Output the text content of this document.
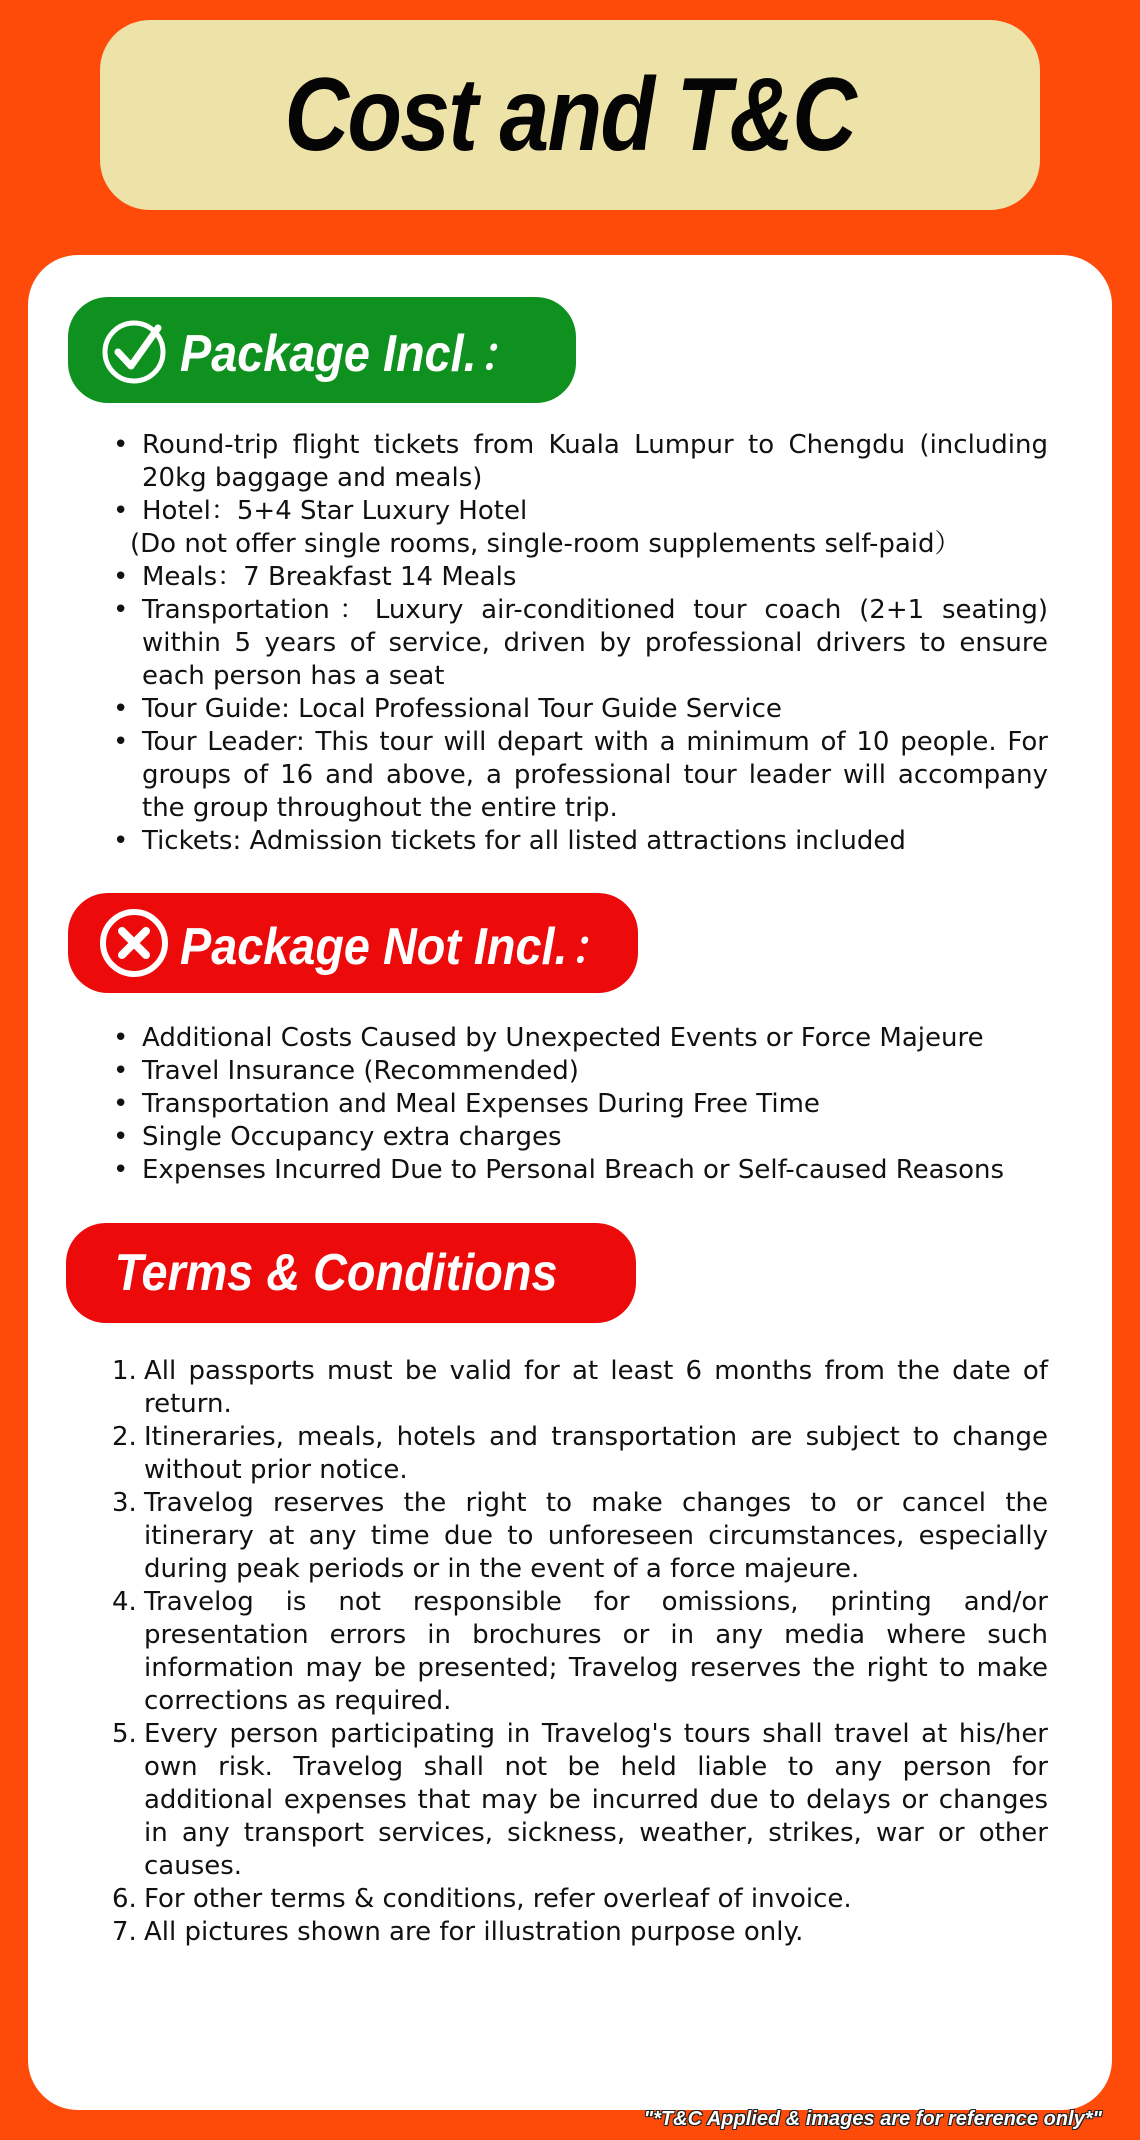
Cost and T&C
Package Incl.：
• Round-trip flight tickets from Kuala Lumpur to Chengdu (including 20kg baggage and meals)
• Hotel：5+4 Star Luxury Hotel
(Do not offer single rooms, single-room supplements self-paid）
• Meals：7 Breakfast 14 Meals
• Transportation：Luxury air-conditioned tour coach (2+1 seating) within 5 years of service, driven by professional drivers to ensure each person has a seat
• Tour Guide: Local Professional Tour Guide Service
• Tour Leader: This tour will depart with a minimum of 10 people. For groups of 16 and above, a professional tour leader will accompany the group throughout the entire trip.
• Tickets: Admission tickets for all listed attractions included
Package Not Incl.：
• Additional Costs Caused by Unexpected Events or Force Majeure
• Travel Insurance (Recommended)
• Transportation and Meal Expenses During Free Time
• Single Occupancy extra charges
• Expenses Incurred Due to Personal Breach or Self-caused Reasons
Terms & Conditions
1. All passports must be valid for at least 6 months from the date of return.
2. Itineraries, meals, hotels and transportation are subject to change without prior notice.
3. Travelog reserves the right to make changes to or cancel the itinerary at any time due to unforeseen circumstances, especially during peak periods or in the event of a force majeure.
4. Travelog is not responsible for omissions, printing and/or presentation errors in brochures or in any media where such information may be presented; Travelog reserves the right to make corrections as required.
5. Every person participating in Travelog's tours shall travel at his/her own risk. Travelog shall not be held liable to any person for additional expenses that may be incurred due to delays or changes in any transport services, sickness, weather, strikes, war or other causes.
6. For other terms & conditions, refer overleaf of invoice.
7. All pictures shown are for illustration purpose only.
"*T&C Applied & images are for reference only*"
